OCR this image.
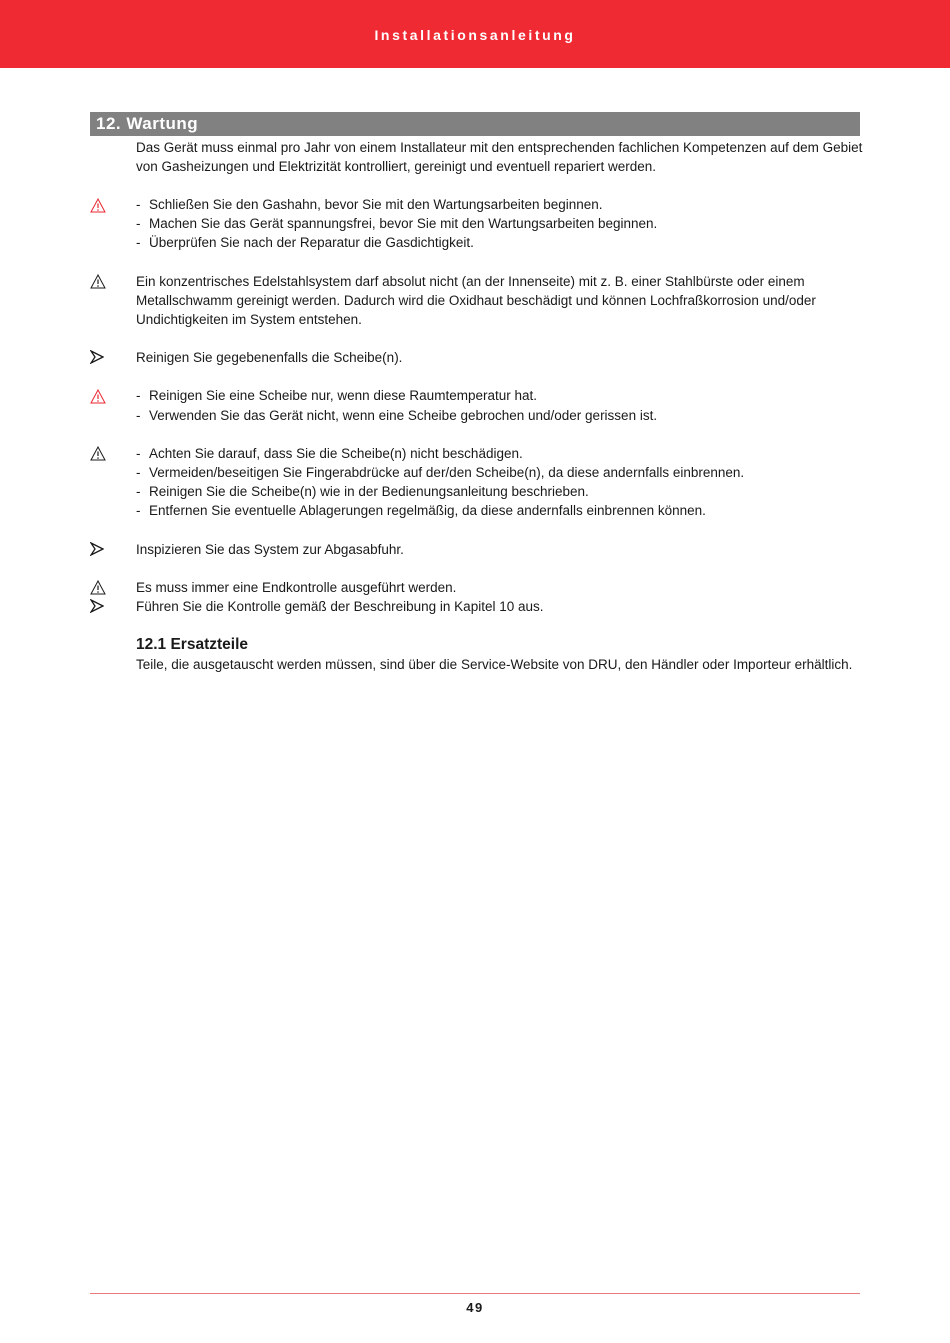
Installationsanleitung
12. Wartung
Das Gerät muss einmal pro Jahr von einem Installateur mit den entsprechenden fachlichen Kompetenzen auf dem Gebiet
von Gasheizungen und Elektrizität kontrolliert, gereinigt und eventuell repariert werden.
- Schließen Sie den Gashahn, bevor Sie mit den Wartungsarbeiten beginnen.
- Machen Sie das Gerät spannungsfrei, bevor Sie mit den Wartungsarbeiten beginnen.
- Überprüfen Sie nach der Reparatur die Gasdichtigkeit.
Ein konzentrisches Edelstahlsystem darf absolut nicht (an der Innenseite) mit z. B. einer Stahlbürste oder einem
Metallschwamm gereinigt werden. Dadurch wird die Oxidhaut beschädigt und können Lochfraßkorrosion und/oder
Undichtigkeiten im System entstehen.
Reinigen Sie gegebenenfalls die Scheibe(n).
- Reinigen Sie eine Scheibe nur, wenn diese Raumtemperatur hat.
- Verwenden Sie das Gerät nicht, wenn eine Scheibe gebrochen und/oder gerissen ist.
- Achten Sie darauf, dass Sie die Scheibe(n) nicht beschädigen.
- Vermeiden/beseitigen Sie Fingerabdrücke auf der/den Scheibe(n), da diese andernfalls einbrennen.
- Reinigen Sie die Scheibe(n) wie in der Bedienungsanleitung beschrieben.
- Entfernen Sie eventuelle Ablagerungen regelmäßig, da diese andernfalls einbrennen können.
Inspizieren Sie das System zur Abgasabfuhr.
Es muss immer eine Endkontrolle ausgeführt werden.
Führen Sie die Kontrolle gemäß der Beschreibung in Kapitel 10 aus.
12.1 Ersatzteile
Teile, die ausgetauscht werden müssen, sind über die Service-Website von DRU, den Händler oder Importeur erhältlich.
49
